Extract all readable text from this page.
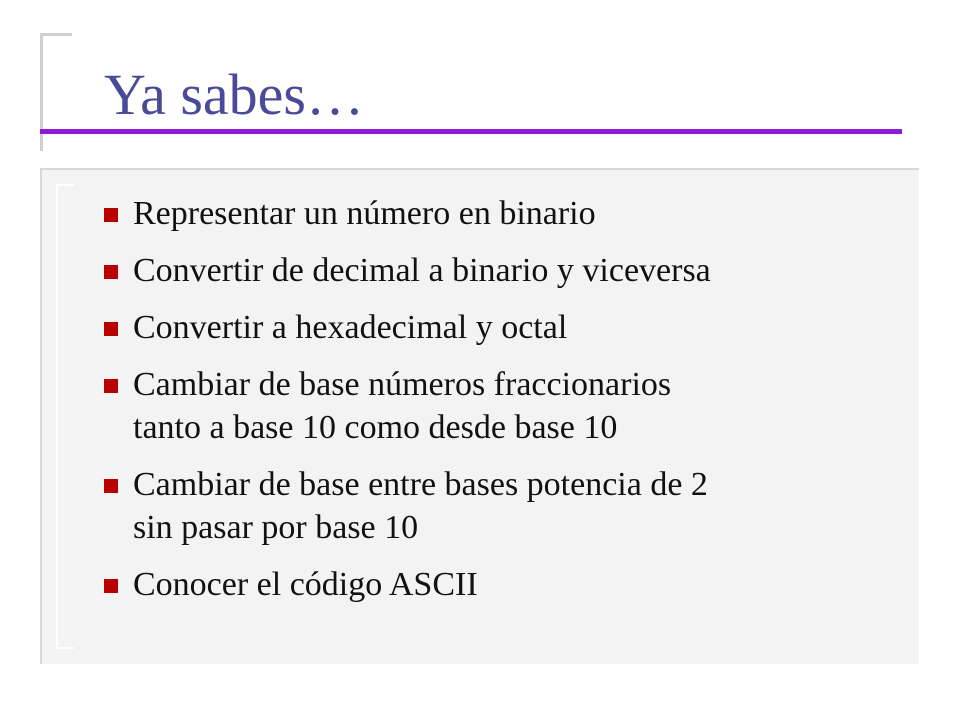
Ya sabes…
Representar un número en binario
Convertir de decimal a binario y viceversa
Convertir a hexadecimal y octal
Cambiar de base números fraccionarios
tanto a base 10 como desde base 10
Cambiar de base entre bases potencia de 2
sin pasar por base 10
Conocer el código ASCII
